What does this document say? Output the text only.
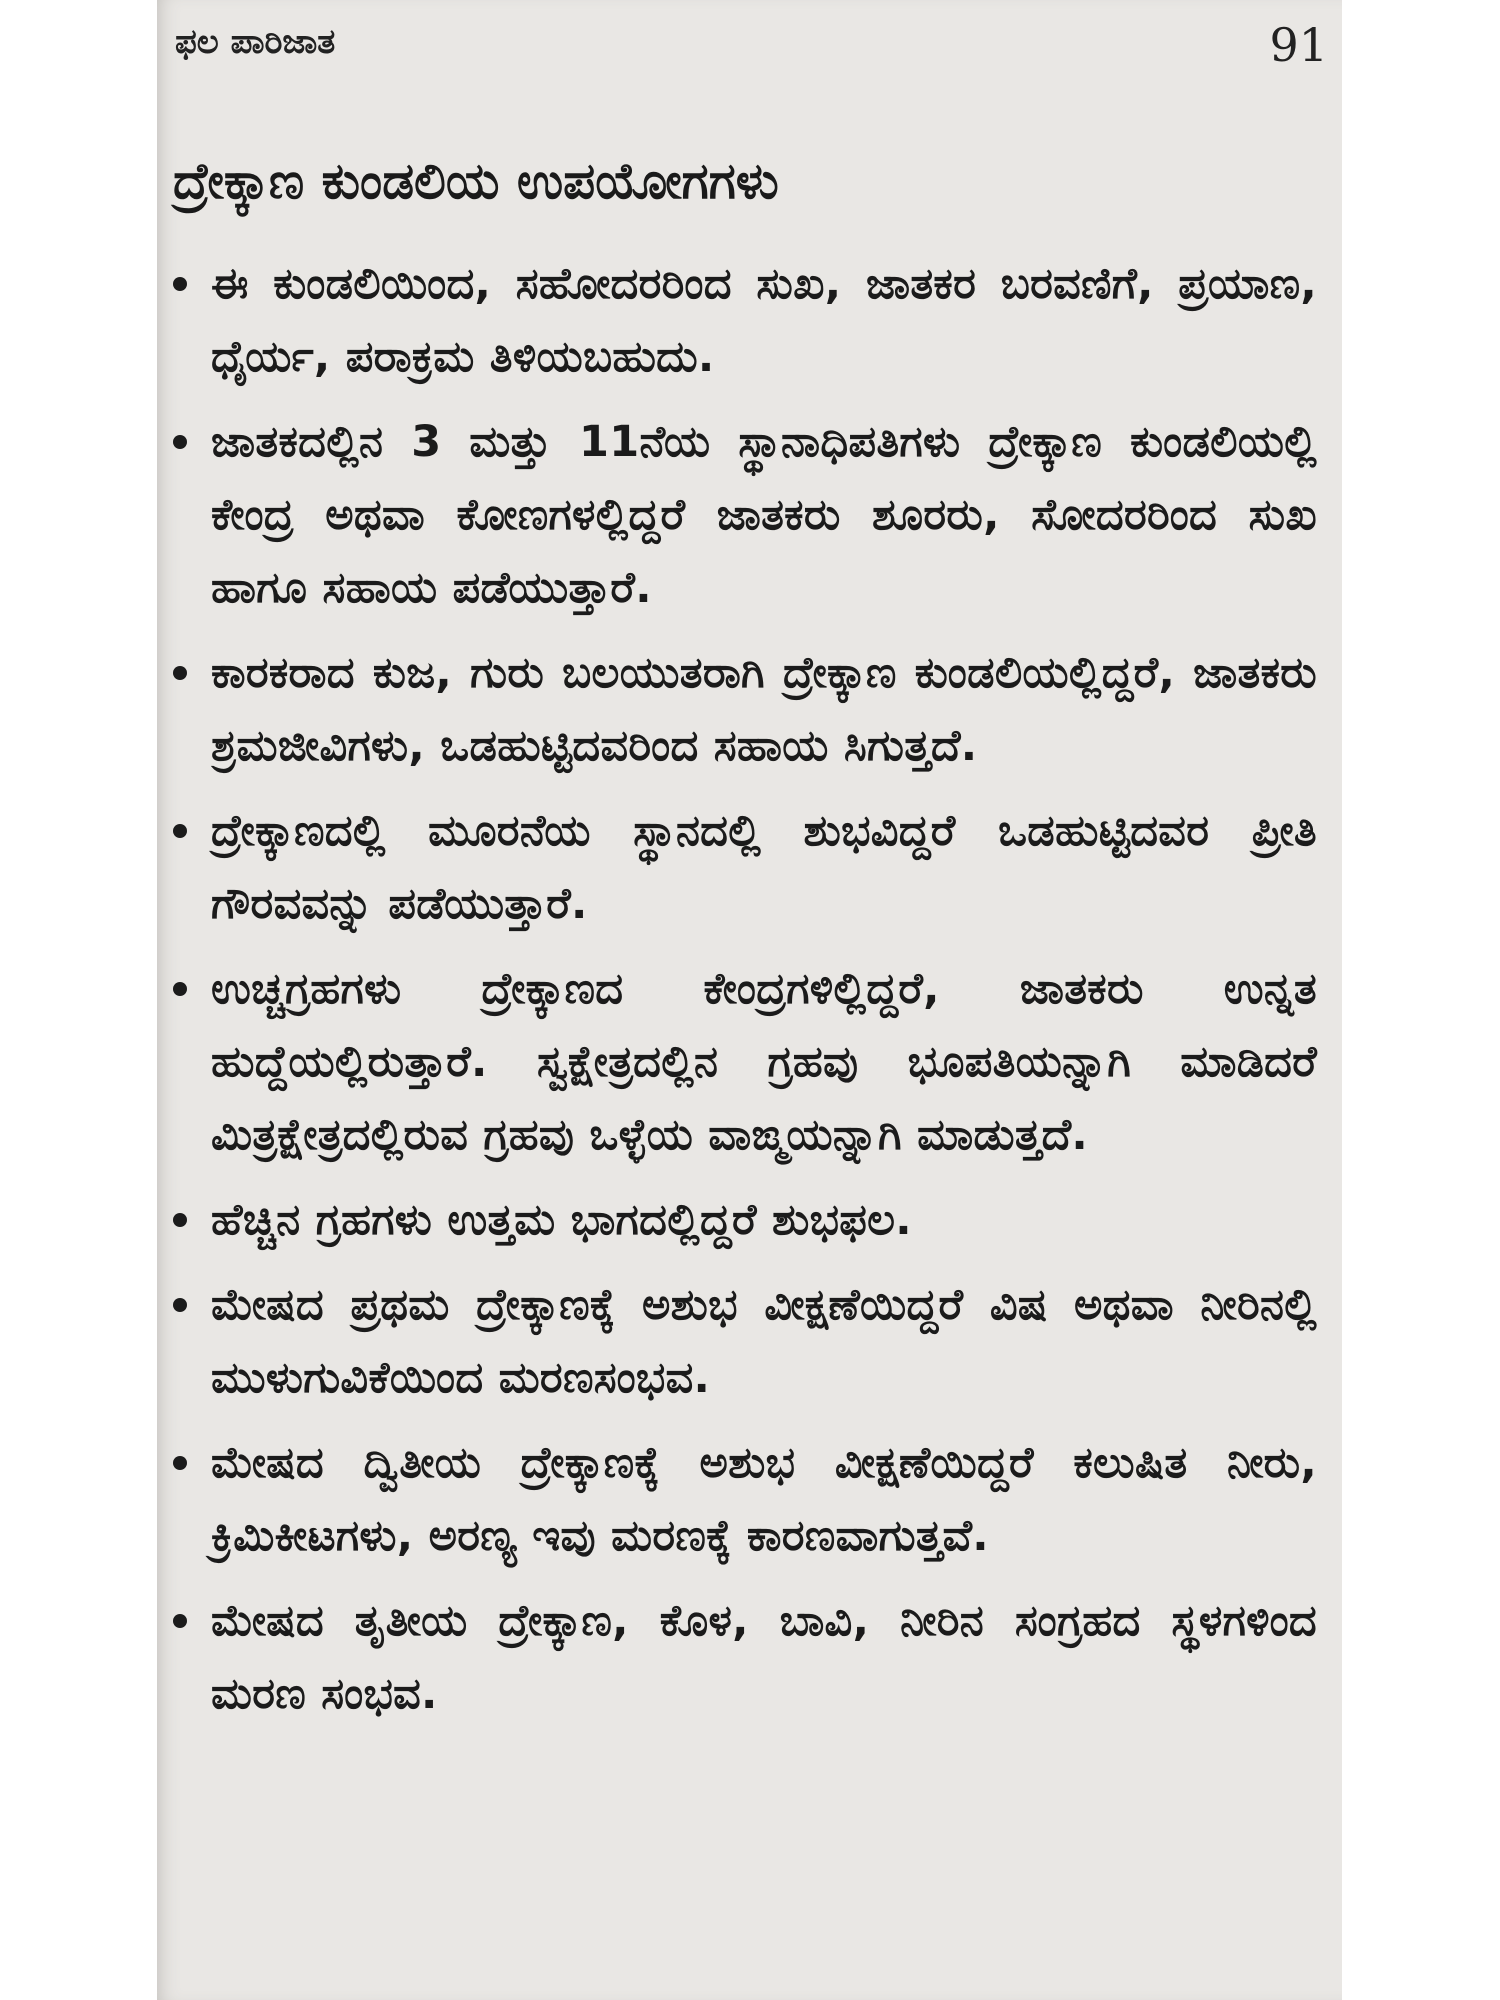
ಫಲ ಪಾರಿಜಾತ	91
ದ್ರೇಕ್ಕಾಣ ಕುಂಡಲಿಯ ಉಪಯೋಗಗಳು
ಈ ಕುಂಡಲಿಯಿಂದ, ಸಹೋದರರಿಂದ ಸುಖ, ಜಾತಕರ ಬರವಣಿಗೆ, ಪ್ರಯಾಣ, ಧೈರ್ಯ, ಪರಾಕ್ರಮ ತಿಳಿಯಬಹುದು.
ಜಾತಕದಲ್ಲಿನ 3 ಮತ್ತು 11ನೆಯ ಸ್ಥಾನಾಧಿಪತಿಗಳು ದ್ರೇಕ್ಕಾಣ ಕುಂಡಲಿಯಲ್ಲಿ ಕೇಂದ್ರ ಅಥವಾ ಕೋಣಗಳಲ್ಲಿದ್ದರೆ ಜಾತಕರು ಶೂರರು, ಸೋದರರಿಂದ ಸುಖ ಹಾಗೂ ಸಹಾಯ ಪಡೆಯುತ್ತಾರೆ.
ಕಾರಕರಾದ ಕುಜ, ಗುರು ಬಲಯುತರಾಗಿ ದ್ರೇಕ್ಕಾಣ ಕುಂಡಲಿಯಲ್ಲಿದ್ದರೆ, ಜಾತಕರು ಶ್ರಮಜೀವಿಗಳು, ಒಡಹುಟ್ಟಿದವರಿಂದ ಸಹಾಯ ಸಿಗುತ್ತದೆ.
ದ್ರೇಕ್ಕಾಣದಲ್ಲಿ ಮೂರನೆಯ ಸ್ಥಾನದಲ್ಲಿ ಶುಭವಿದ್ದರೆ ಒಡಹುಟ್ಟಿದವರ ಪ್ರೀತಿ ಗೌರವವನ್ನು ಪಡೆಯುತ್ತಾರೆ.
ಉಚ್ಚಗ್ರಹಗಳು ದ್ರೇಕ್ಕಾಣದ ಕೇಂದ್ರಗಳಿಲ್ಲಿದ್ದರೆ, ಜಾತಕರು ಉನ್ನತ ಹುದ್ದೆಯಲ್ಲಿರುತ್ತಾರೆ. ಸ್ವಕ್ಷೇತ್ರದಲ್ಲಿನ ಗ್ರಹವು ಭೂಪತಿಯನ್ನಾಗಿ ಮಾಡಿದರೆ ಮಿತ್ರಕ್ಷೇತ್ರದಲ್ಲಿರುವ ಗ್ರಹವು ಒಳ್ಳೆಯ ವಾಙ್ಮಯನ್ನಾಗಿ ಮಾಡುತ್ತದೆ.
ಹೆಚ್ಚಿನ ಗ್ರಹಗಳು ಉತ್ತಮ ಭಾಗದಲ್ಲಿದ್ದರೆ ಶುಭಫಲ.
ಮೇಷದ ಪ್ರಥಮ ದ್ರೇಕ್ಕಾಣಕ್ಕೆ ಅಶುಭ ವೀಕ್ಷಣೆಯಿದ್ದರೆ ವಿಷ ಅಥವಾ ನೀರಿನಲ್ಲಿ ಮುಳುಗುವಿಕೆಯಿಂದ ಮರಣಸಂಭವ.
ಮೇಷದ ದ್ವಿತೀಯ ದ್ರೇಕ್ಕಾಣಕ್ಕೆ ಅಶುಭ ವೀಕ್ಷಣೆಯಿದ್ದರೆ ಕಲುಷಿತ ನೀರು, ಕ್ರಿಮಿಕೀಟಗಳು, ಅರಣ್ಯ ಇವು ಮರಣಕ್ಕೆ ಕಾರಣವಾಗುತ್ತವೆ.
ಮೇಷದ ತೃತೀಯ ದ್ರೇಕ್ಕಾಣ, ಕೊಳ, ಬಾವಿ, ನೀರಿನ ಸಂಗ್ರಹದ ಸ್ಥಳಗಳಿಂದ ಮರಣ ಸಂಭವ.
